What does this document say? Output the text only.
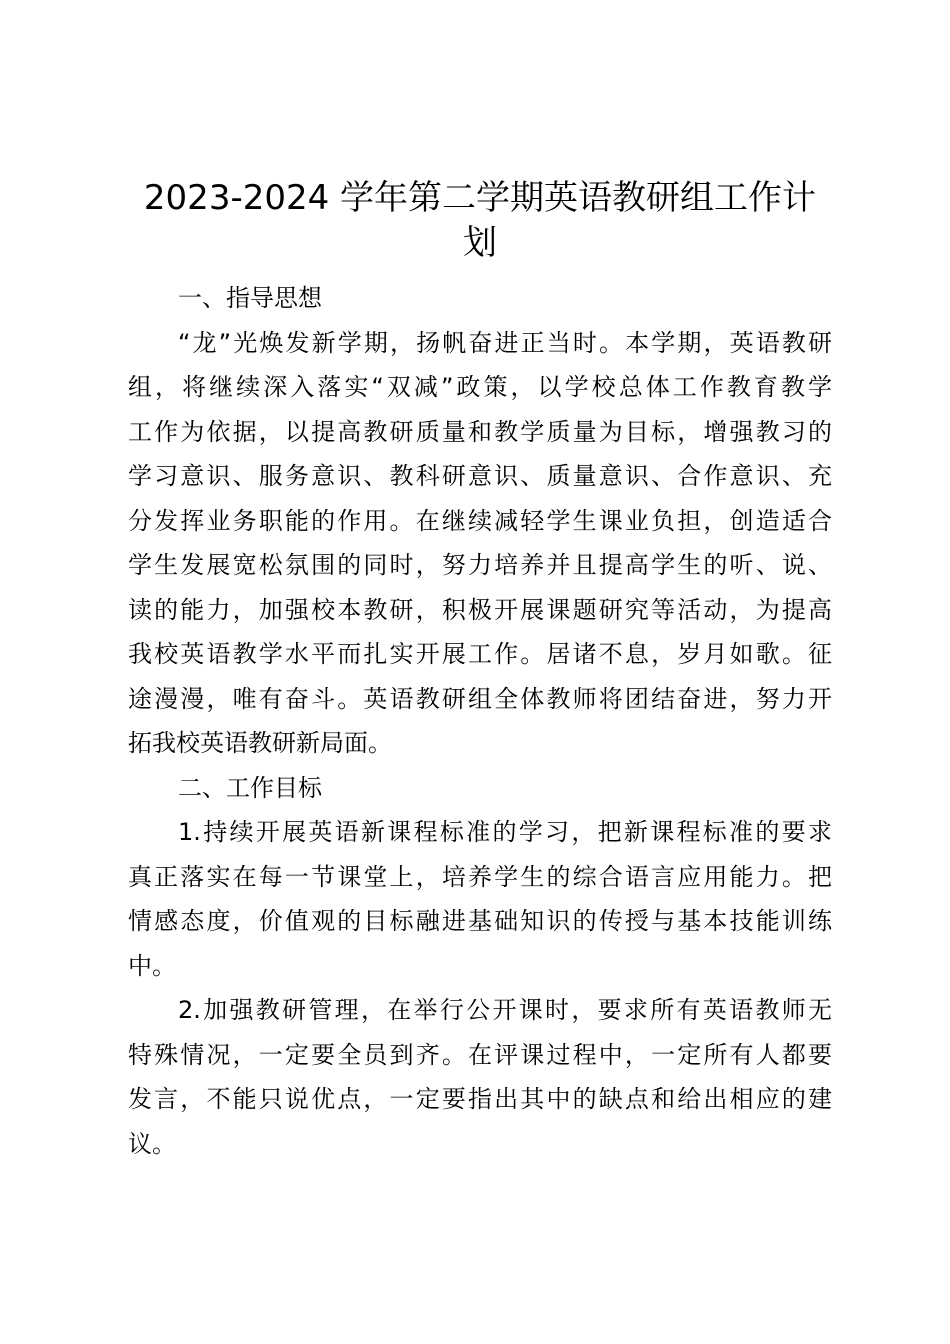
2023-2024 学年第二学期英语教研组工作计
划

一、指导思想

“龙”光焕发新学期，扬帆奋进正当时。本学期，英语教研
组，将继续深入落实“双减”政策，以学校总体工作教育教学
工作为依据，以提高教研质量和教学质量为目标，增强教习的
学习意识、服务意识、教科研意识、质量意识、合作意识、充
分发挥业务职能的作用。在继续减轻学生课业负担，创造适合
学生发展宽松氛围的同时，努力培养并且提高学生的听、说、
读的能力，加强校本教研，积极开展课题研究等活动，为提高
我校英语教学水平而扎实开展工作。居诸不息，岁月如歌。征
途漫漫，唯有奋斗。英语教研组全体教师将团结奋进，努力开
拓我校英语教研新局面。

二、工作目标

1.持续开展英语新课程标准的学习，把新课程标准的要求
真正落实在每一节课堂上，培养学生的综合语言应用能力。把
情感态度，价值观的目标融进基础知识的传授与基本技能训练
中。

2.加强教研管理，在举行公开课时，要求所有英语教师无
特殊情况，一定要全员到齐。在评课过程中，一定所有人都要
发言，不能只说优点，一定要指出其中的缺点和给出相应的建
议。
